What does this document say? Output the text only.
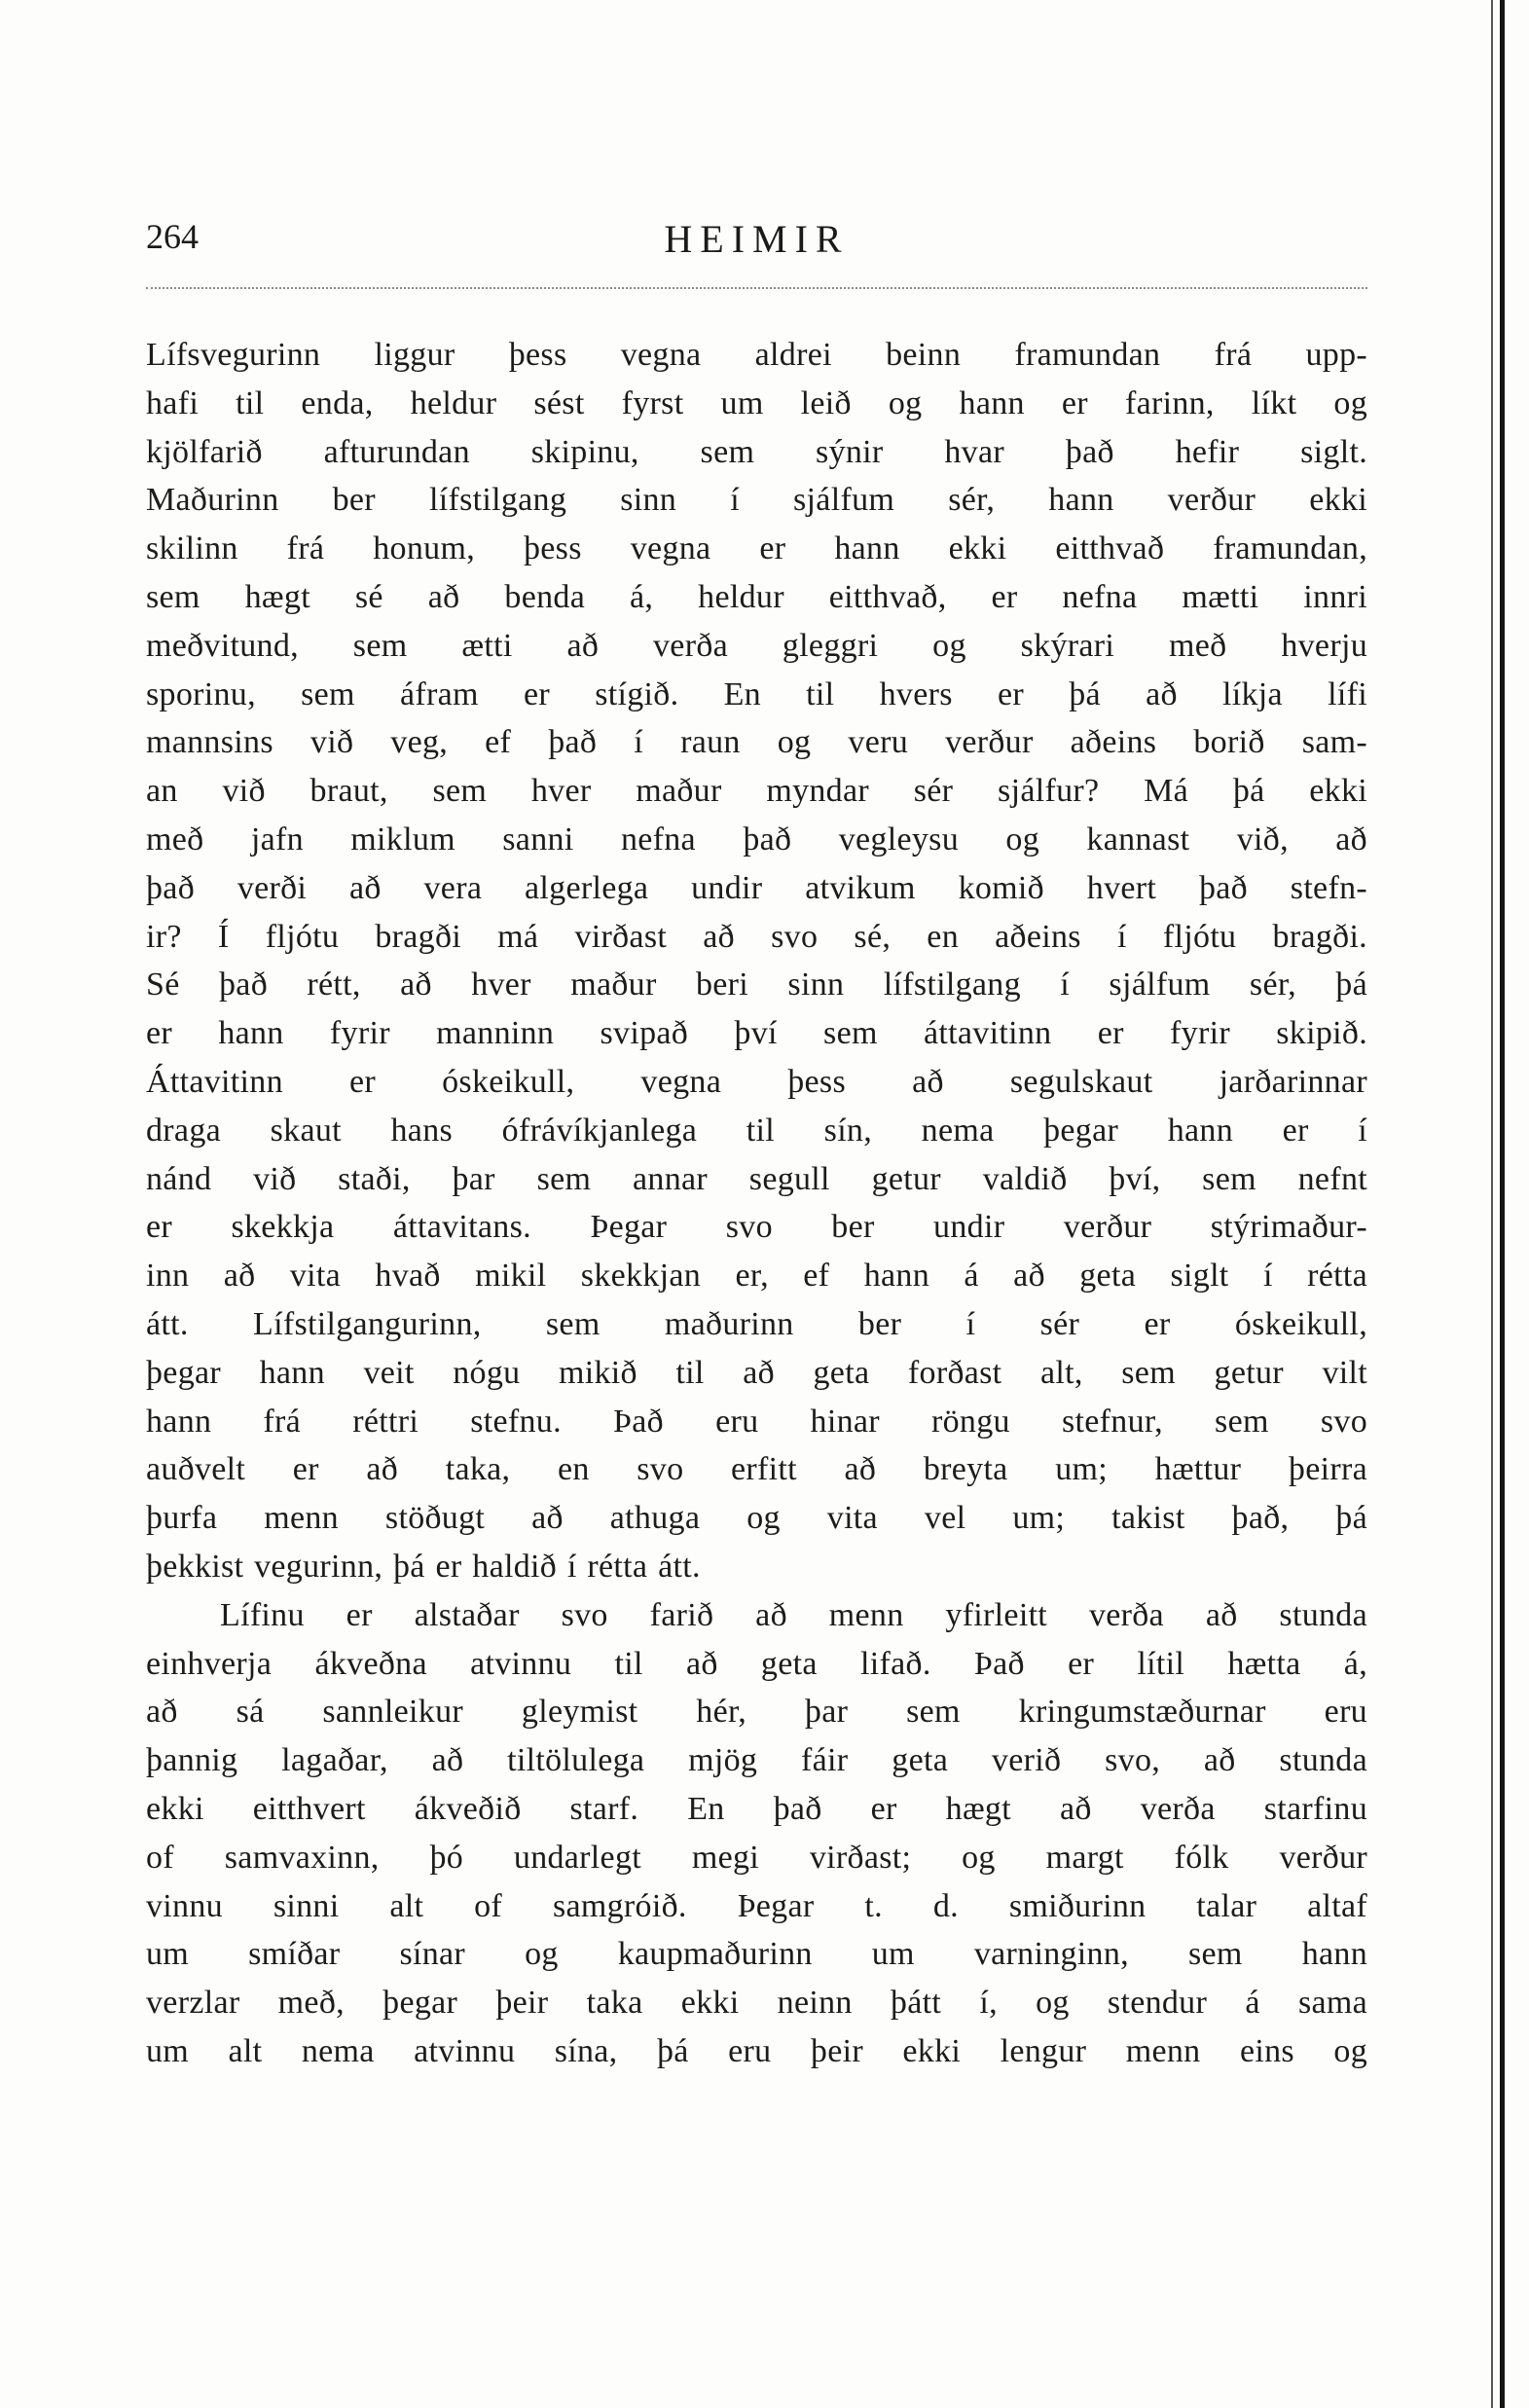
264	HEIMIR
Lífsvegurinn liggur þess vegna aldrei beinn framundan frá upp-
hafi til enda, heldur sést fyrst um leið og hann er farinn, líkt og
kjölfarið afturundan skipinu, sem sýnir hvar það hefir siglt.
Maðurinn ber lífstilgang sinn í sjálfum sér, hann verður ekki
skilinn frá honum, þess vegna er hann ekki eitthvað framundan,
sem hægt sé að benda á, heldur eitthvað, er nefna mætti innri
meðvitund, sem ætti að verða gleggri og skýrari með hverju
sporinu, sem áfram er stígið. En til hvers er þá að líkja lífi
mannsins við veg, ef það í raun og veru verður aðeins borið sam-
an við braut, sem hver maður myndar sér sjálfur? Má þá ekki
með jafn miklum sanni nefna það vegleysu og kannast við, að
það verði að vera algerlega undir atvikum komið hvert það stefn-
ir? Í fljótu bragði má virðast að svo sé, en aðeins í fljótu bragði.
Sé það rétt, að hver maður beri sinn lífstilgang í sjálfum sér, þá
er hann fyrir manninn svipað því sem áttavitinn er fyrir skipið.
Áttavitinn er óskeikull, vegna þess að segulskaut jarðarinnar
draga skaut hans ófrávíkjanlega til sín, nema þegar hann er í
nánd við staði, þar sem annar segull getur valdið því, sem nefnt
er skekkja áttavitans. Þegar svo ber undir verður stýrimaður-
inn að vita hvað mikil skekkjan er, ef hann á að geta siglt í rétta
átt. Lífstilgangurinn, sem maðurinn ber í sér er óskeikull,
þegar hann veit nógu mikið til að geta forðast alt, sem getur vilt
hann frá réttri stefnu. Það eru hinar röngu stefnur, sem svo
auðvelt er að taka, en svo erfitt að breyta um; hættur þeirra
þurfa menn stöðugt að athuga og vita vel um; takist það, þá
þekkist vegurinn, þá er haldið í rétta átt.
Lífinu er alstaðar svo farið að menn yfirleitt verða að stunda
einhverja ákveðna atvinnu til að geta lifað. Það er lítil hætta á,
að sá sannleikur gleymist hér, þar sem kringumstæðurnar eru
þannig lagaðar, að tiltölulega mjög fáir geta verið svo, að stunda
ekki eitthvert ákveðið starf. En það er hægt að verða starfinu
of samvaxinn, þó undarlegt megi virðast; og margt fólk verður
vinnu sinni alt of samgróið. Þegar t. d. smiðurinn talar altaf
um smíðar sínar og kaupmaðurinn um varninginn, sem hann
verzlar með, þegar þeir taka ekki neinn þátt í, og stendur á sama
um alt nema atvinnu sína, þá eru þeir ekki lengur menn eins og
